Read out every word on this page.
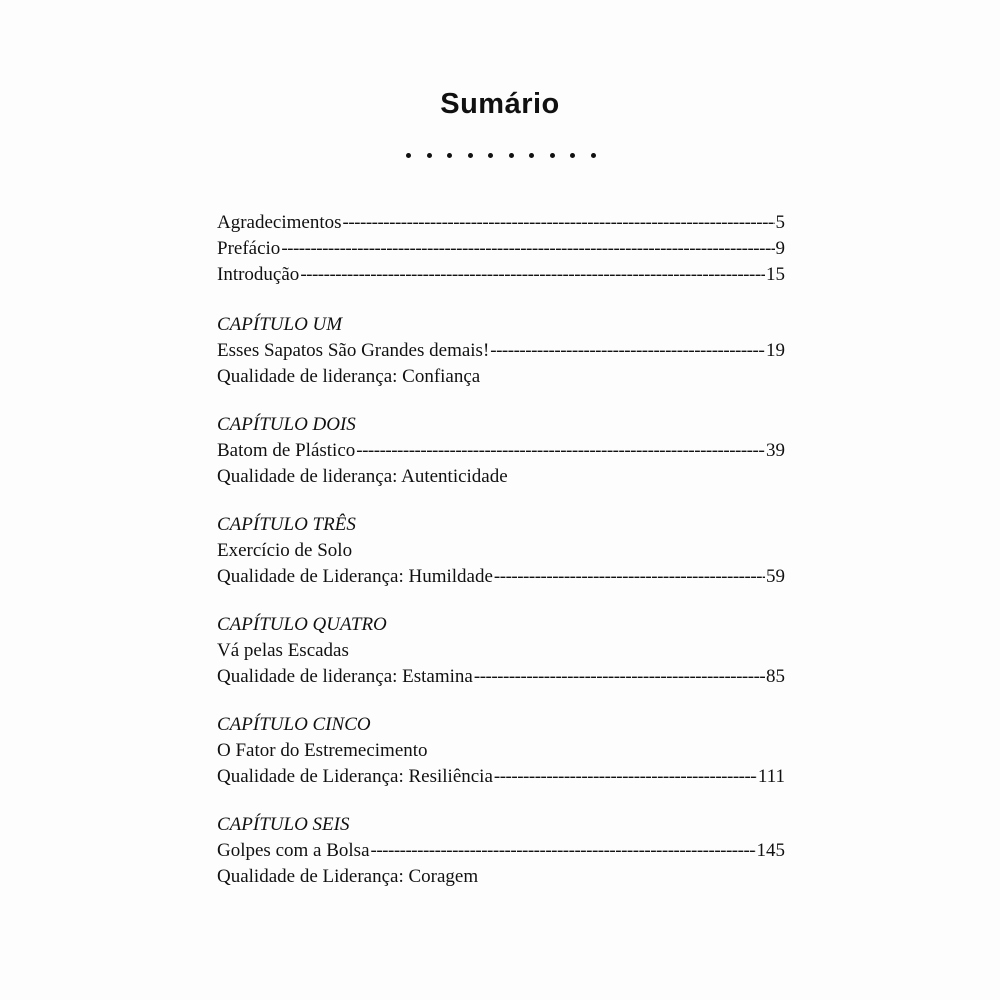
Sumário
Agradecimentos -----	5
Prefácio -----	9
Introdução -----	15
CAPÍTULO UM
Esses Sapatos São Grandes demais! -----	19
Qualidade de liderança: Confiança
CAPÍTULO DOIS
Batom de Plástico -----	39
Qualidade de liderança: Autenticidade
CAPÍTULO TRÊS
Exercício de Solo
Qualidade de Liderança: Humildade -----	59
CAPÍTULO QUATRO
Vá pelas Escadas
Qualidade de liderança: Estamina -----	85
CAPÍTULO CINCO
O Fator do Estremecimento
Qualidade de Liderança: Resiliência -----	111
CAPÍTULO SEIS
Golpes com a Bolsa -----	145
Qualidade de Liderança: Coragem
